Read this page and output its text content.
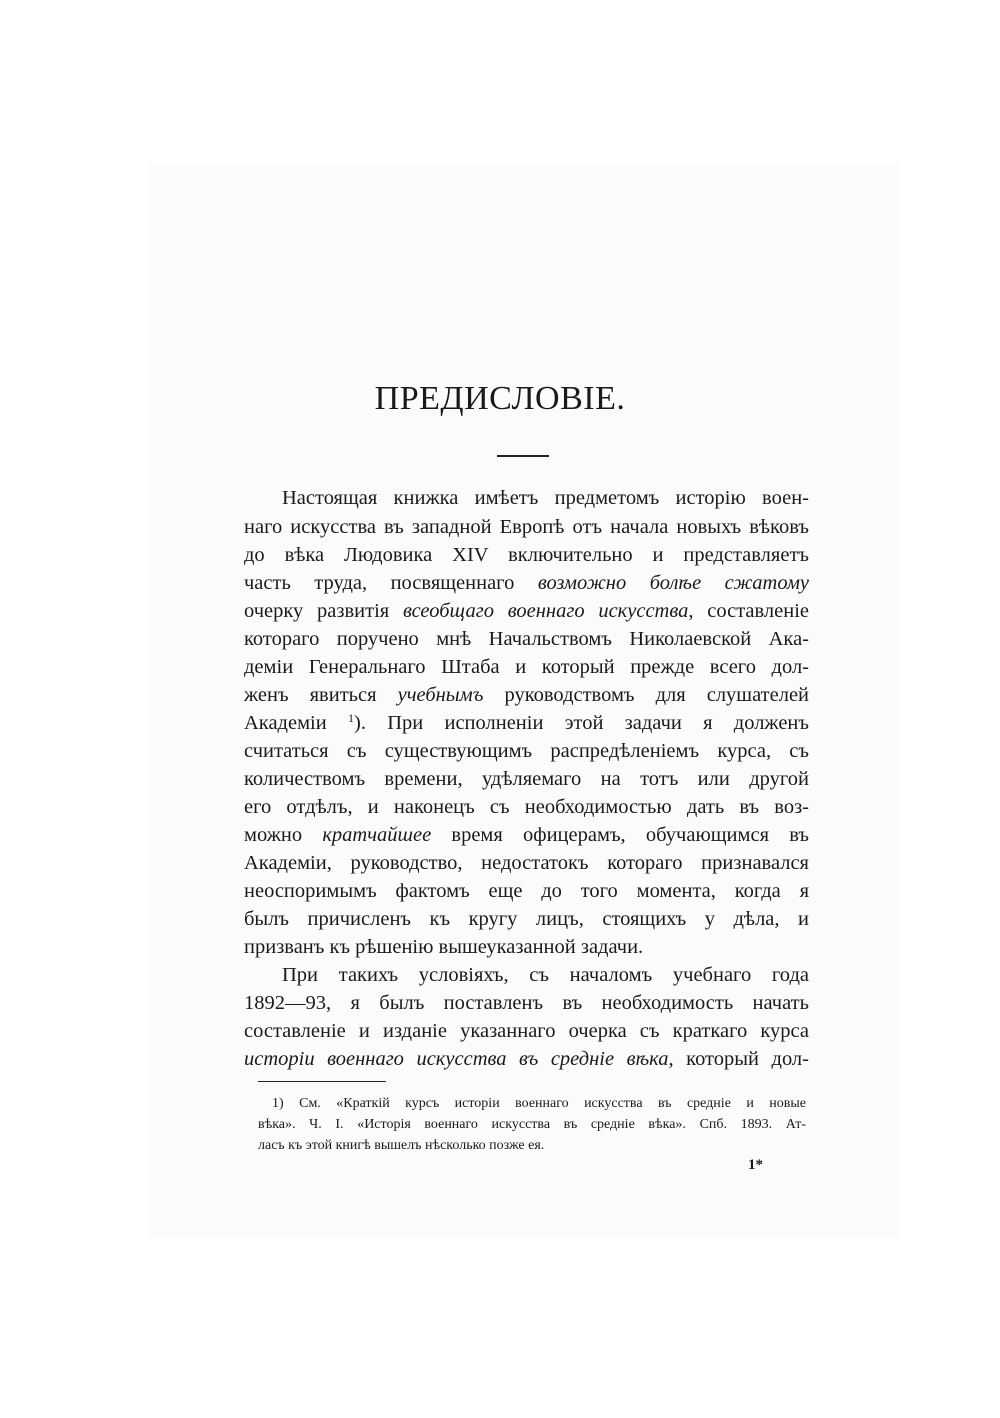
ПРЕДИСЛОВІЕ.
Настоящая книжка имѣетъ предметомъ исторію воен-
наго искусства въ западной Европѣ отъ начала новыхъ вѣковъ
до вѣка Людовика XIV включительно и представляетъ
часть труда, посвященнаго возможно болѣе сжатому
очерку развитія всеобщаго военнаго искусства, составленіе
котораго поручено мнѣ Начальствомъ Николаевской Ака-
деміи Генеральнаго Штаба и который прежде всего дол-
женъ явиться учебнымъ руководствомъ для слушателей
Академіи $^1$). При исполненіи этой задачи я долженъ
считаться съ существующимъ распредѣленіемъ курса, съ
количествомъ времени, удѣляемаго на тотъ или другой
его отдѣлъ, и наконецъ съ необходимостью дать въ воз-
можно кратчайшее время офицерамъ, обучающимся въ
Академіи, руководство, недостатокъ котораго признавался
неоспоримымъ фактомъ еще до того момента, когда я
былъ причисленъ къ кругу лицъ, стоящихъ у дѣла, и
призванъ къ рѣшенію вышеуказанной задачи.
При такихъ условіяхъ, съ началомъ учебнаго года
1892—93, я былъ поставленъ въ необходимость начать
составленіе и изданіе указаннаго очерка съ краткаго курса
исторіи военнаго искусства въ средніе вѣка, который дол-
1) См. «Краткій курсъ исторіи военнаго искусства въ средніе и новые
вѣка». Ч. I. «Исторія военнаго искусства въ средніе вѣка». Спб. 1893. Ат-
ласъ къ этой книгѣ вышелъ нѣсколько позже ея.
1*
